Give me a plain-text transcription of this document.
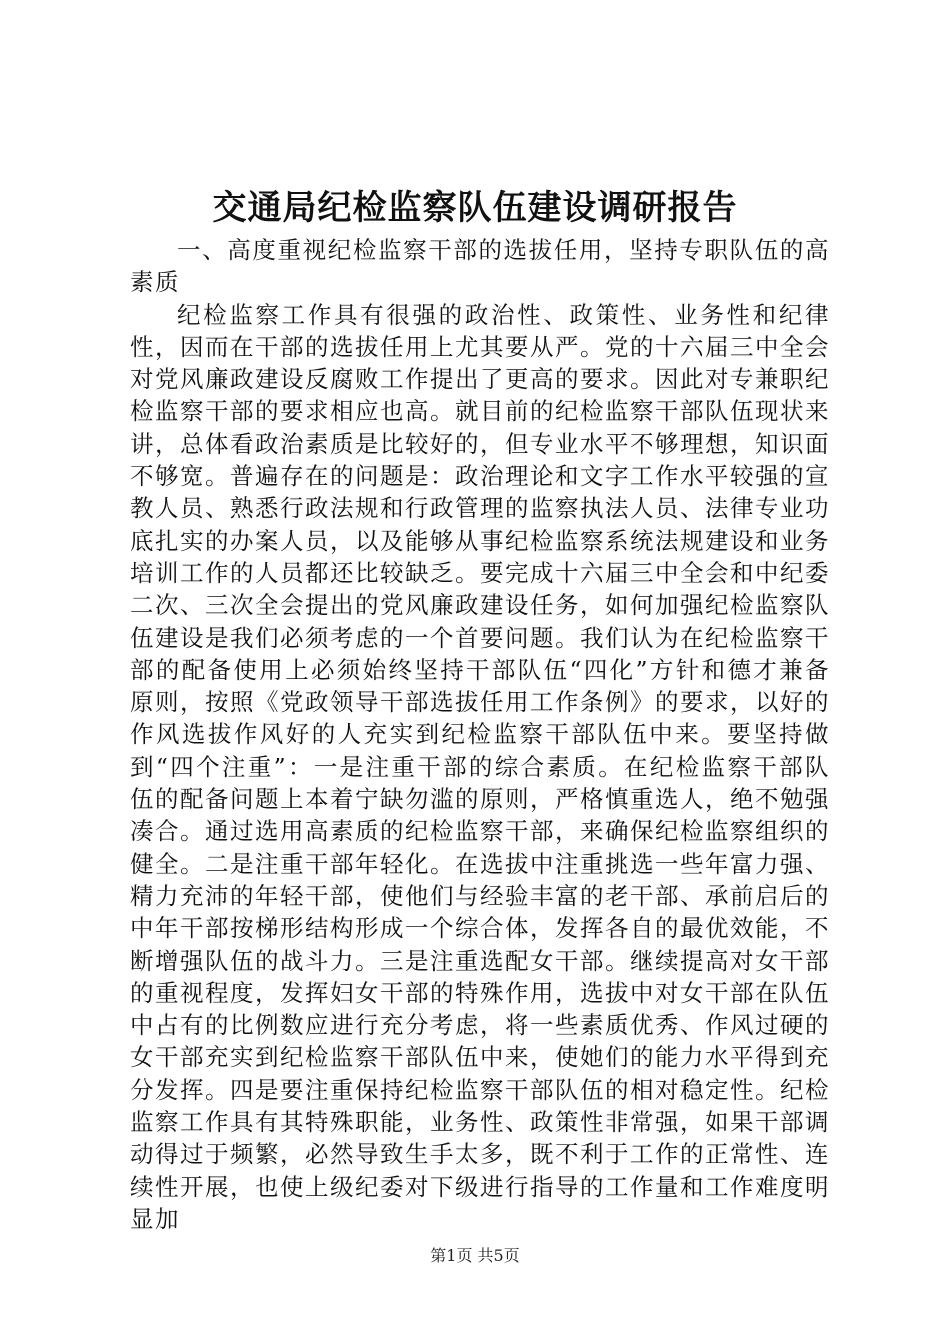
交通局纪检监察队伍建设调研报告

一、高度重视纪检监察干部的选拔任用，坚持专职队伍的高素质

纪检监察工作具有很强的政治性、政策性、业务性和纪律性，因而在干部的选拔任用上尤其要从严。党的十六届三中全会对党风廉政建设反腐败工作提出了更高的要求。因此对专兼职纪检监察干部的要求相应也高。就目前的纪检监察干部队伍现状来讲，总体看政治素质是比较好的，但专业水平不够理想，知识面不够宽。普遍存在的问题是：政治理论和文字工作水平较强的宣教人员、熟悉行政法规和行政管理的监察执法人员、法律专业功底扎实的办案人员，以及能够从事纪检监察系统法规建设和业务培训工作的人员都还比较缺乏。要完成十六届三中全会和中纪委二次、三次全会提出的党风廉政建设任务，如何加强纪检监察队伍建设是我们必须考虑的一个首要问题。我们认为在纪检监察干部的配备使用上必须始终坚持干部队伍“四化”方针和德才兼备原则，按照《党政领导干部选拔任用工作条例》的要求，以好的作风选拔作风好的人充实到纪检监察干部队伍中来。要坚持做到“四个注重”：一是注重干部的综合素质。在纪检监察干部队伍的配备问题上本着宁缺勿滥的原则，严格慎重选人，绝不勉强凑合。通过选用高素质的纪检监察干部，来确保纪检监察组织的健全。二是注重干部年轻化。在选拔中注重挑选一些年富力强、精力充沛的年轻干部，使他们与经验丰富的老干部、承前启后的中年干部按梯形结构形成一个综合体，发挥各自的最优效能，不断增强队伍的战斗力。三是注重选配女干部。继续提高对女干部的重视程度，发挥妇女干部的特殊作用，选拔中对女干部在队伍中占有的比例数应进行充分考虑，将一些素质优秀、作风过硬的女干部充实到纪检监察干部队伍中来，使她们的能力水平得到充分发挥。四是要注重保持纪检监察干部队伍的相对稳定性。纪检监察工作具有其特殊职能，业务性、政策性非常强，如果干部调动得过于频繁，必然导致生手太多，既不利于工作的正常性、连续性开展，也使上级纪委对下级进行指导的工作量和工作难度明显加

第1页 共5页
